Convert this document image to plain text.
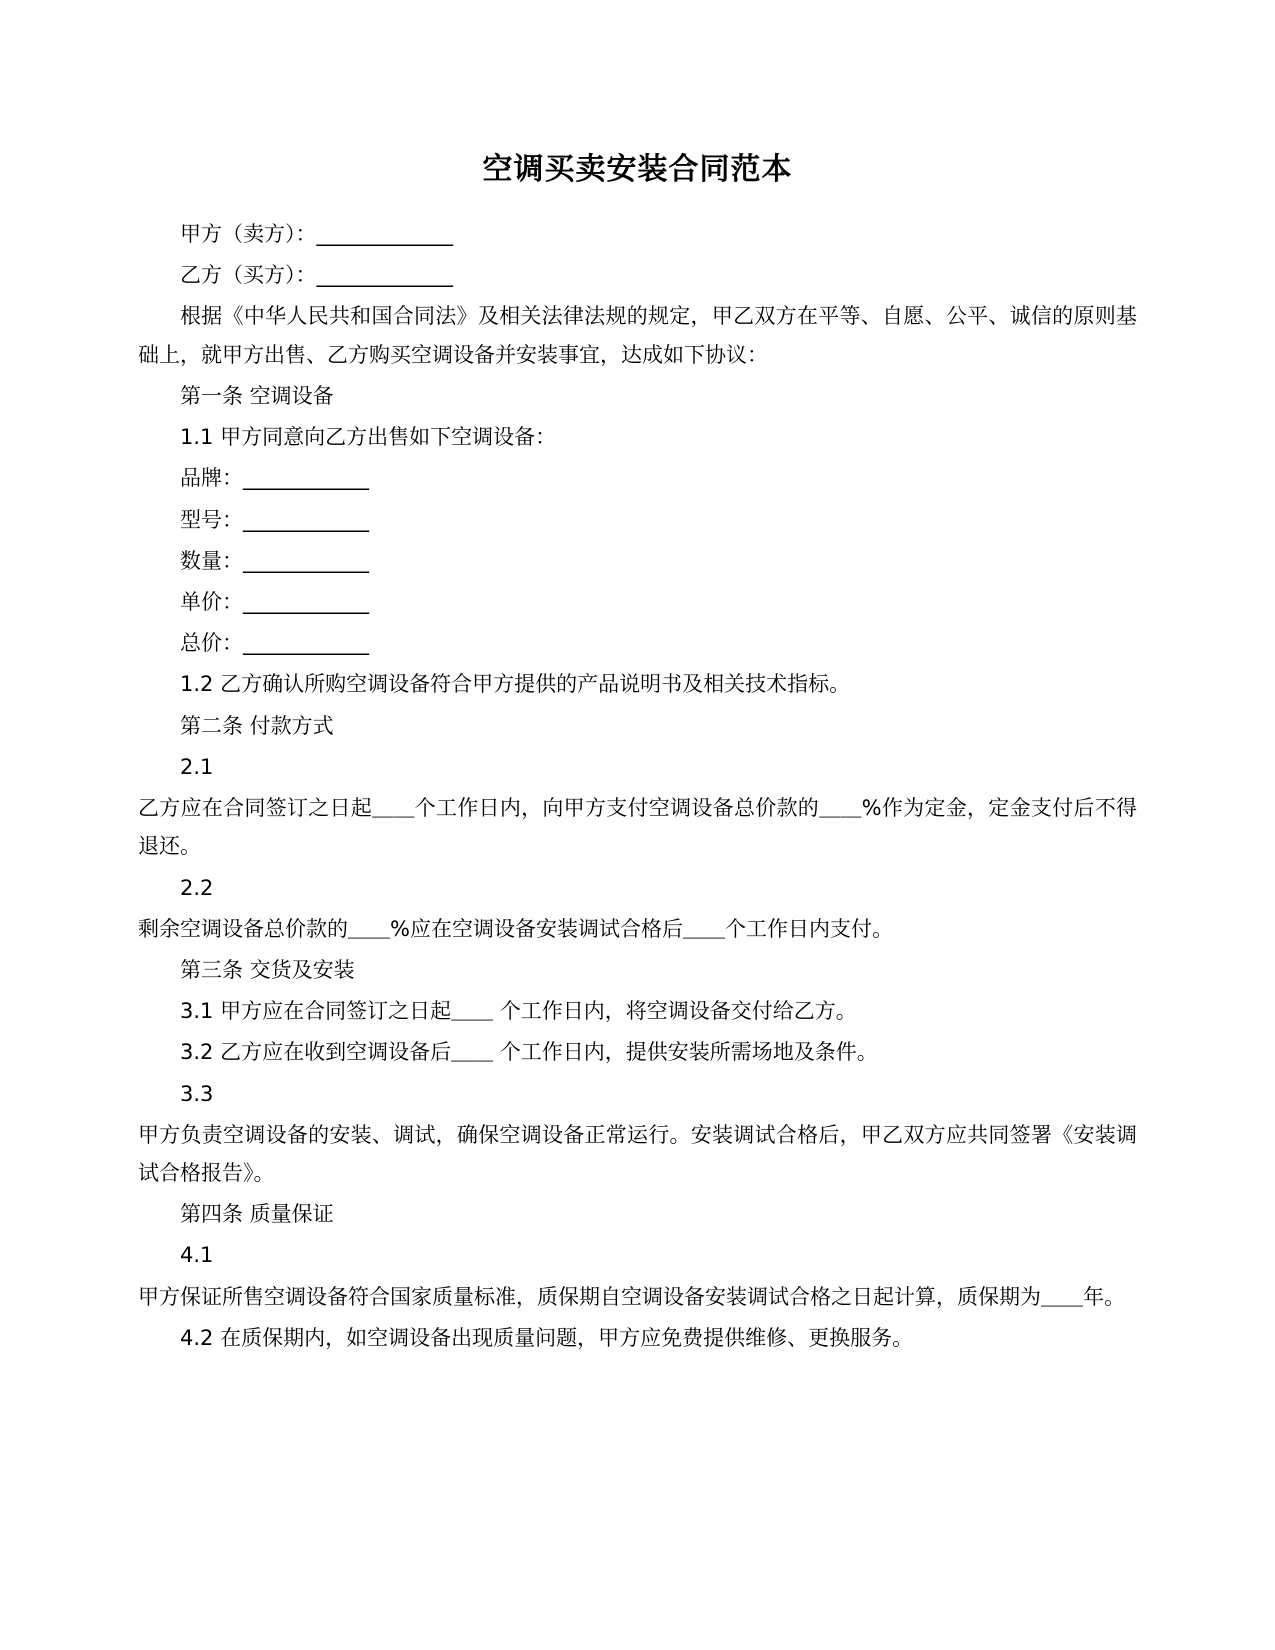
空调买卖安装合同范本

甲方（卖方）：_____________

乙方（买方）：_____________

根据《中华人民共和国合同法》及相关法律法规的规定，甲乙双方在平等、自愿、公平、诚信的原则基础上，就甲方出售、乙方购买空调设备并安装事宜，达成如下协议：

第一条 空调设备

1.1 甲方同意向乙方出售如下空调设备：

品牌：____________

型号：____________

数量：____________

单价：____________

总价：____________

1.2 乙方确认所购空调设备符合甲方提供的产品说明书及相关技术指标。

第二条 付款方式

2.1

乙方应在合同签订之日起＿＿个工作日内，向甲方支付空调设备总价款的＿＿%作为定金，定金支付后不得退还。

2.2

剩余空调设备总价款的＿＿%应在空调设备安装调试合格后＿＿个工作日内支付。

第三条 交货及安装

3.1 甲方应在合同签订之日起＿＿ 个工作日内，将空调设备交付给乙方。

3.2 乙方应在收到空调设备后＿＿ 个工作日内，提供安装所需场地及条件。

3.3

甲方负责空调设备的安装、调试，确保空调设备正常运行。安装调试合格后，甲乙双方应共同签署《安装调试合格报告》。

第四条 质量保证

4.1

甲方保证所售空调设备符合国家质量标准，质保期自空调设备安装调试合格之日起计算，质保期为＿＿年。

4.2 在质保期内，如空调设备出现质量问题，甲方应免费提供维修、更换服务。
